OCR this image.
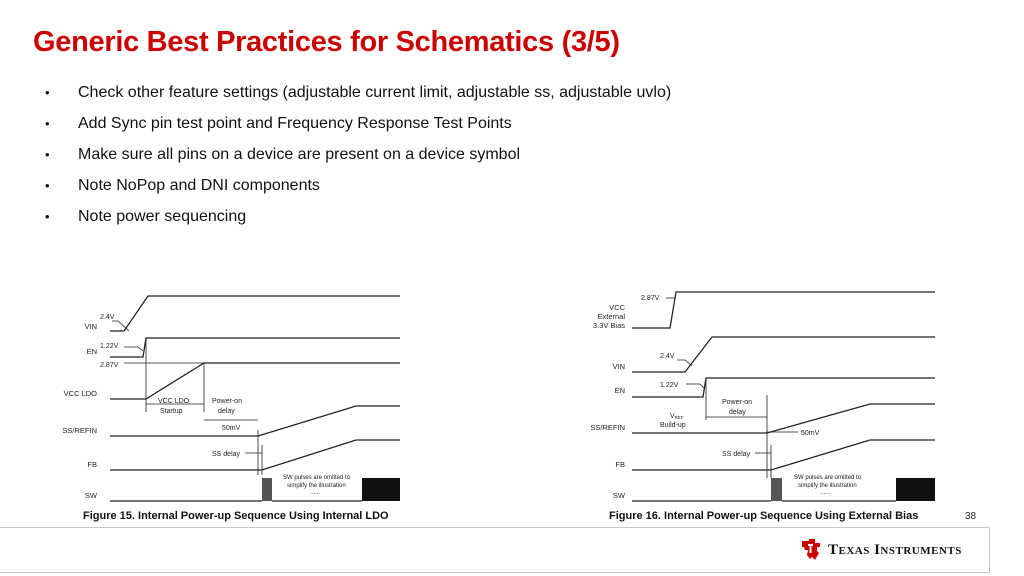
Generic Best Practices for Schematics (3/5)
• Check other feature settings (adjustable current limit, adjustable ss, adjustable uvlo)
• Add Sync pin test point and Frequency Response Test Points
• Make sure all pins on a device are present on a device symbol
• Note NoPop and DNI components
• Note power sequencing
VIN
EN
VCC LDO
SS/REFIN
FB
SW
2.4V
1.22V
2.87V
VCC LDO
Startup
Power-on
delay
50mV
SS delay
SW pulses are omitted to
simplify the illustration
......
Figure 15. Internal Power-up Sequence Using Internal LDO
VCC
External
3.3V Bias
VIN
EN
SS/REFIN
FB
SW
2.87V
2.4V
1.22V
Power-on
delay
VREF
Build-up
50mV
SS delay
SW pulses are omitted to
simplify the illustration
......
Figure 16. Internal Power-up Sequence Using External Bias	38
Texas Instruments
